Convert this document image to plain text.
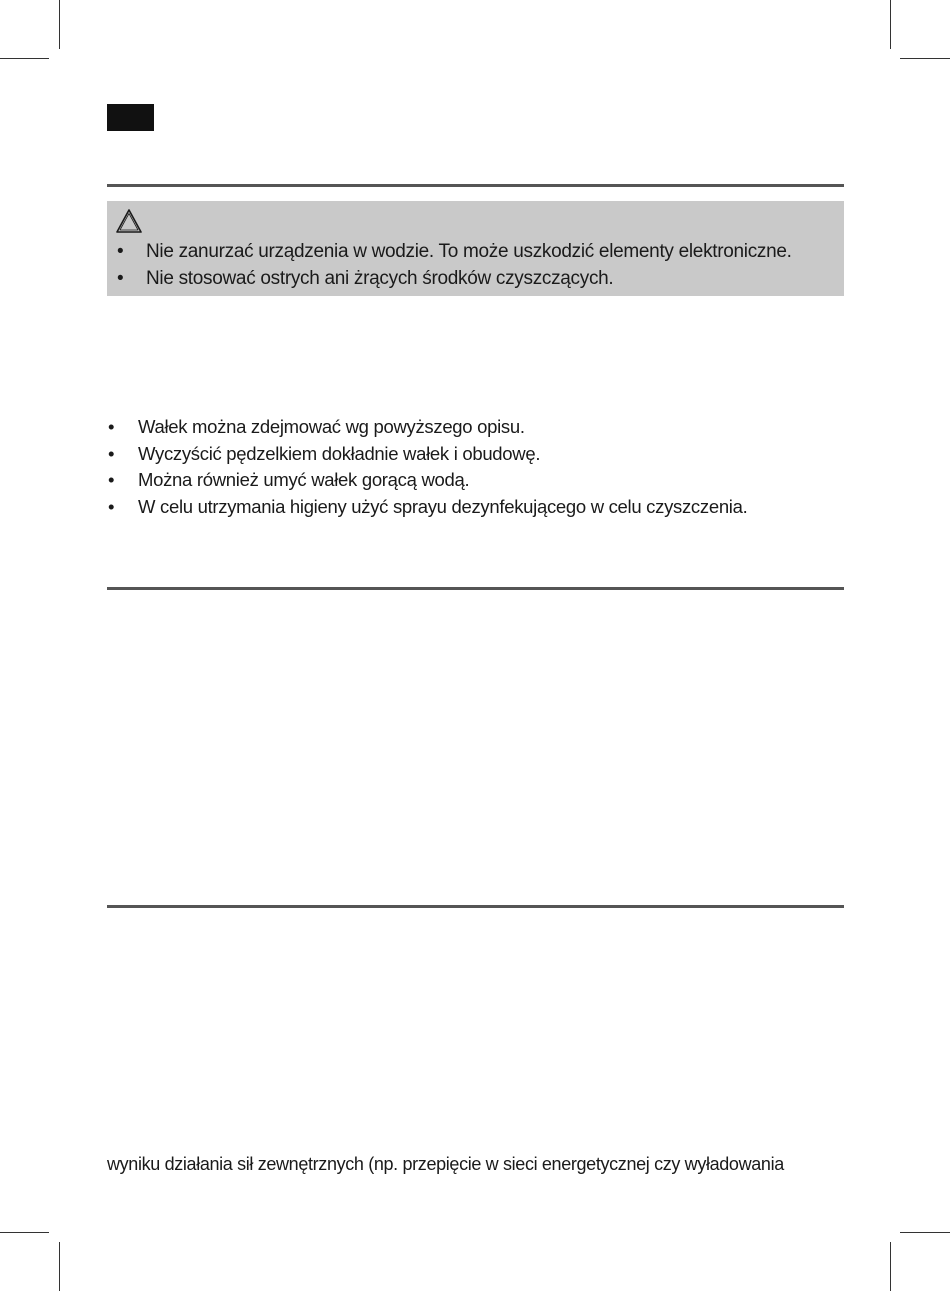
• Nie zanurzać urządzenia w wodzie. To może uszkodzić elementy elektroniczne.
• Nie stosować ostrych ani żrących środków czyszczących.
• Wałek można zdejmować wg powyższego opisu.
• Wyczyścić pędzelkiem dokładnie wałek i obudowę.
• Można również umyć wałek gorącą wodą.
• W celu utrzymania higieny użyć sprayu dezynfekującego w celu czyszczenia.
wyniku działania sił zewnętrznych (np. przepięcie w sieci energetycznej czy wyładowania
